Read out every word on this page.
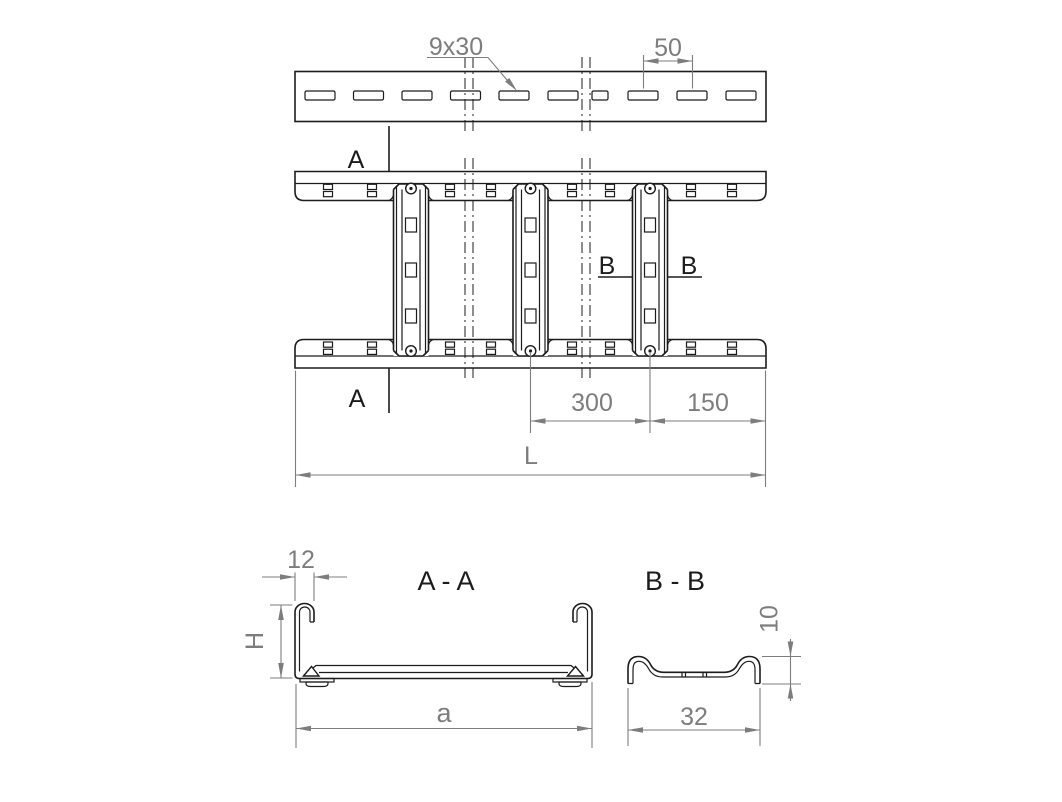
9x30	50
A
A
B	B
300	150
L
A - A
12
H
a
B - B
10
32
